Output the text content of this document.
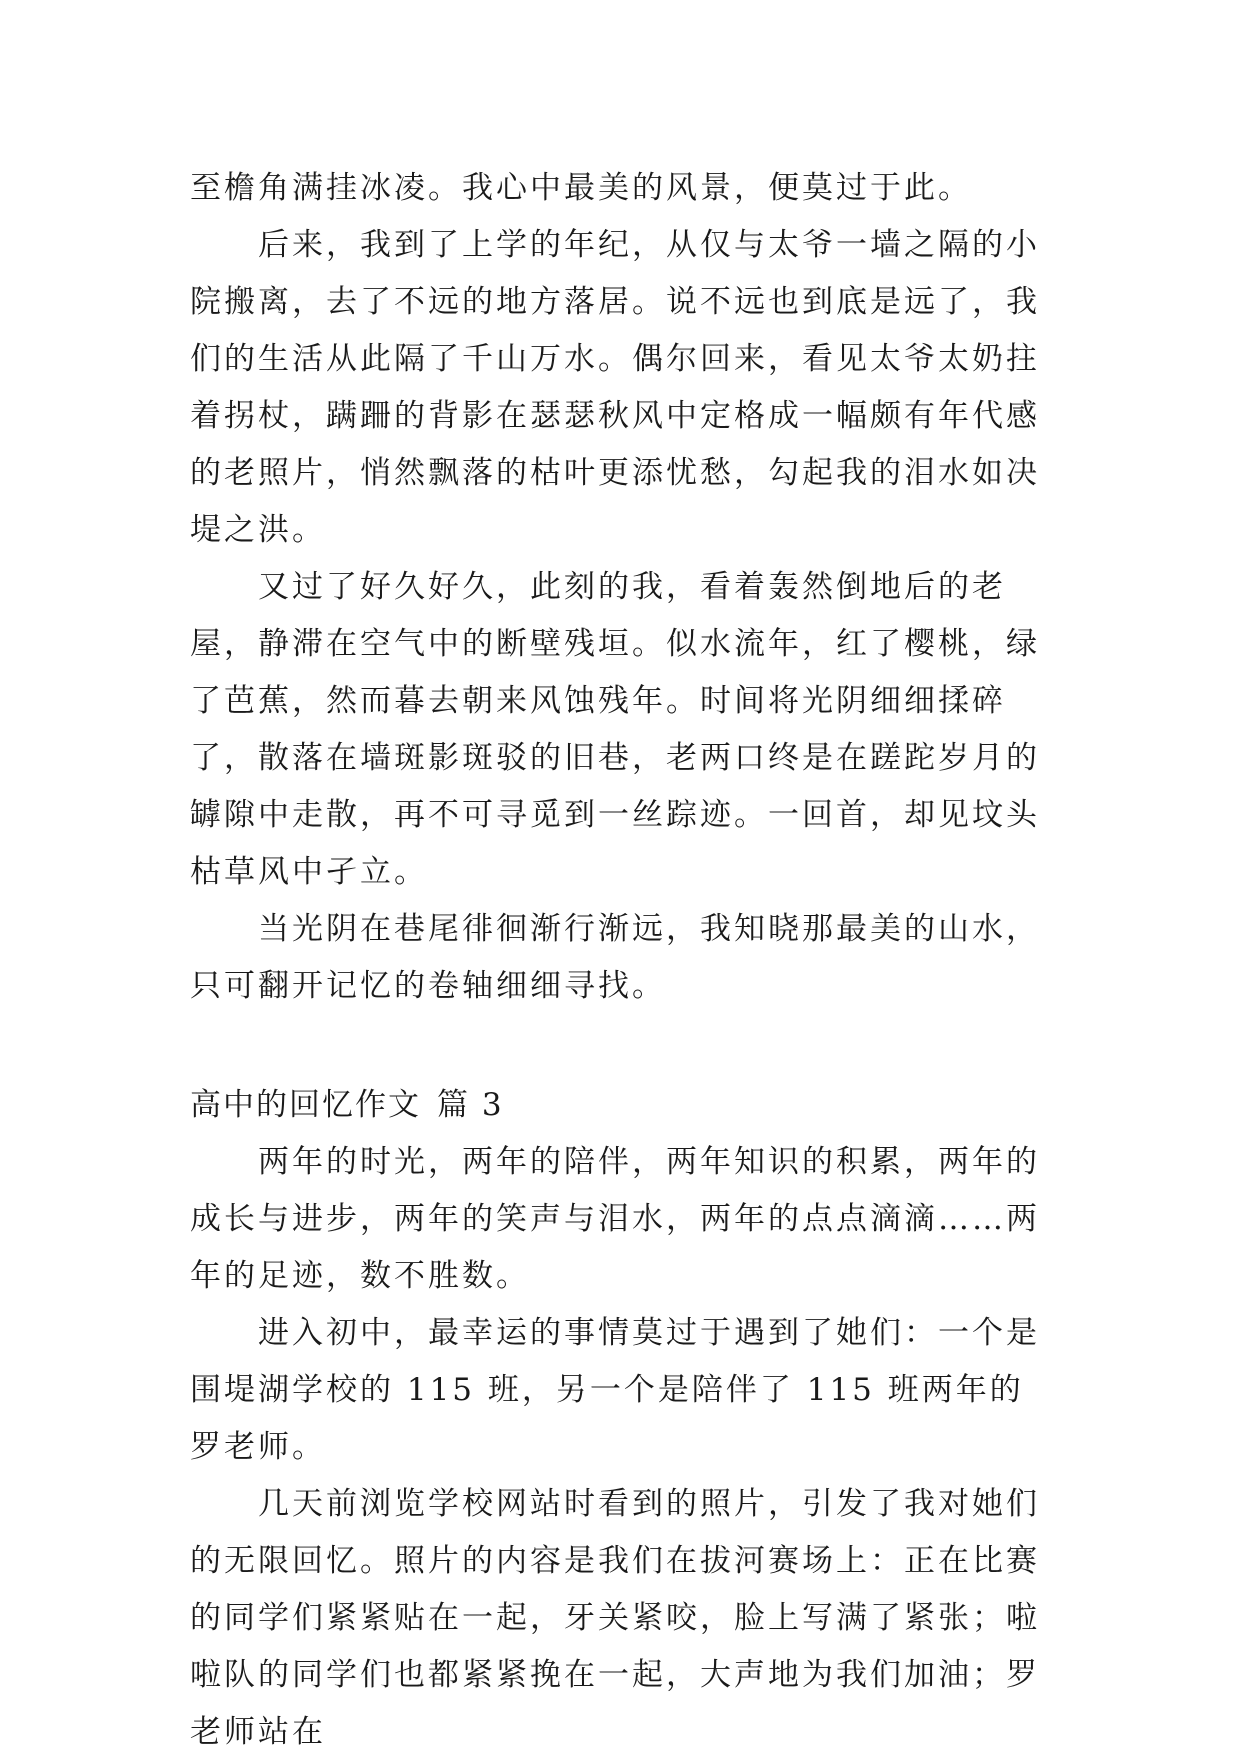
至檐角满挂冰凌。我心中最美的风景，便莫过于此。

后来，我到了上学的年纪，从仅与太爷一墙之隔的小院搬离，去了不远的地方落居。说不远也到底是远了，我们的生活从此隔了千山万水。偶尔回来，看见太爷太奶拄着拐杖，蹒跚的背影在瑟瑟秋风中定格成一幅颇有年代感的老照片，悄然飘落的枯叶更添忧愁，勾起我的泪水如决堤之洪。

又过了好久好久，此刻的我，看着轰然倒地后的老屋，静滞在空气中的断壁残垣。似水流年，红了樱桃，绿了芭蕉，然而暮去朝来风蚀残年。时间将光阴细细揉碎了，散落在墙斑影斑驳的旧巷，老两口终是在蹉跎岁月的罅隙中走散，再不可寻觅到一丝踪迹。一回首，却见坟头枯草风中孑立。

当光阴在巷尾徘徊渐行渐远，我知晓那最美的山水，只可翻开记忆的卷轴细细寻找。

高中的回忆作文 篇 3

两年的时光，两年的陪伴，两年知识的积累，两年的成长与进步，两年的笑声与泪水，两年的点点滴滴……两年的足迹，数不胜数。

进入初中，最幸运的事情莫过于遇到了她们：一个是围堤湖学校的 115 班，另一个是陪伴了 115 班两年的罗老师。

几天前浏览学校网站时看到的照片，引发了我对她们的无限回忆。照片的内容是我们在拔河赛场上：正在比赛的同学们紧紧贴在一起，牙关紧咬，脸上写满了紧张；啦啦队的同学们也都紧紧挽在一起，大声地为我们加油；罗老师站在
